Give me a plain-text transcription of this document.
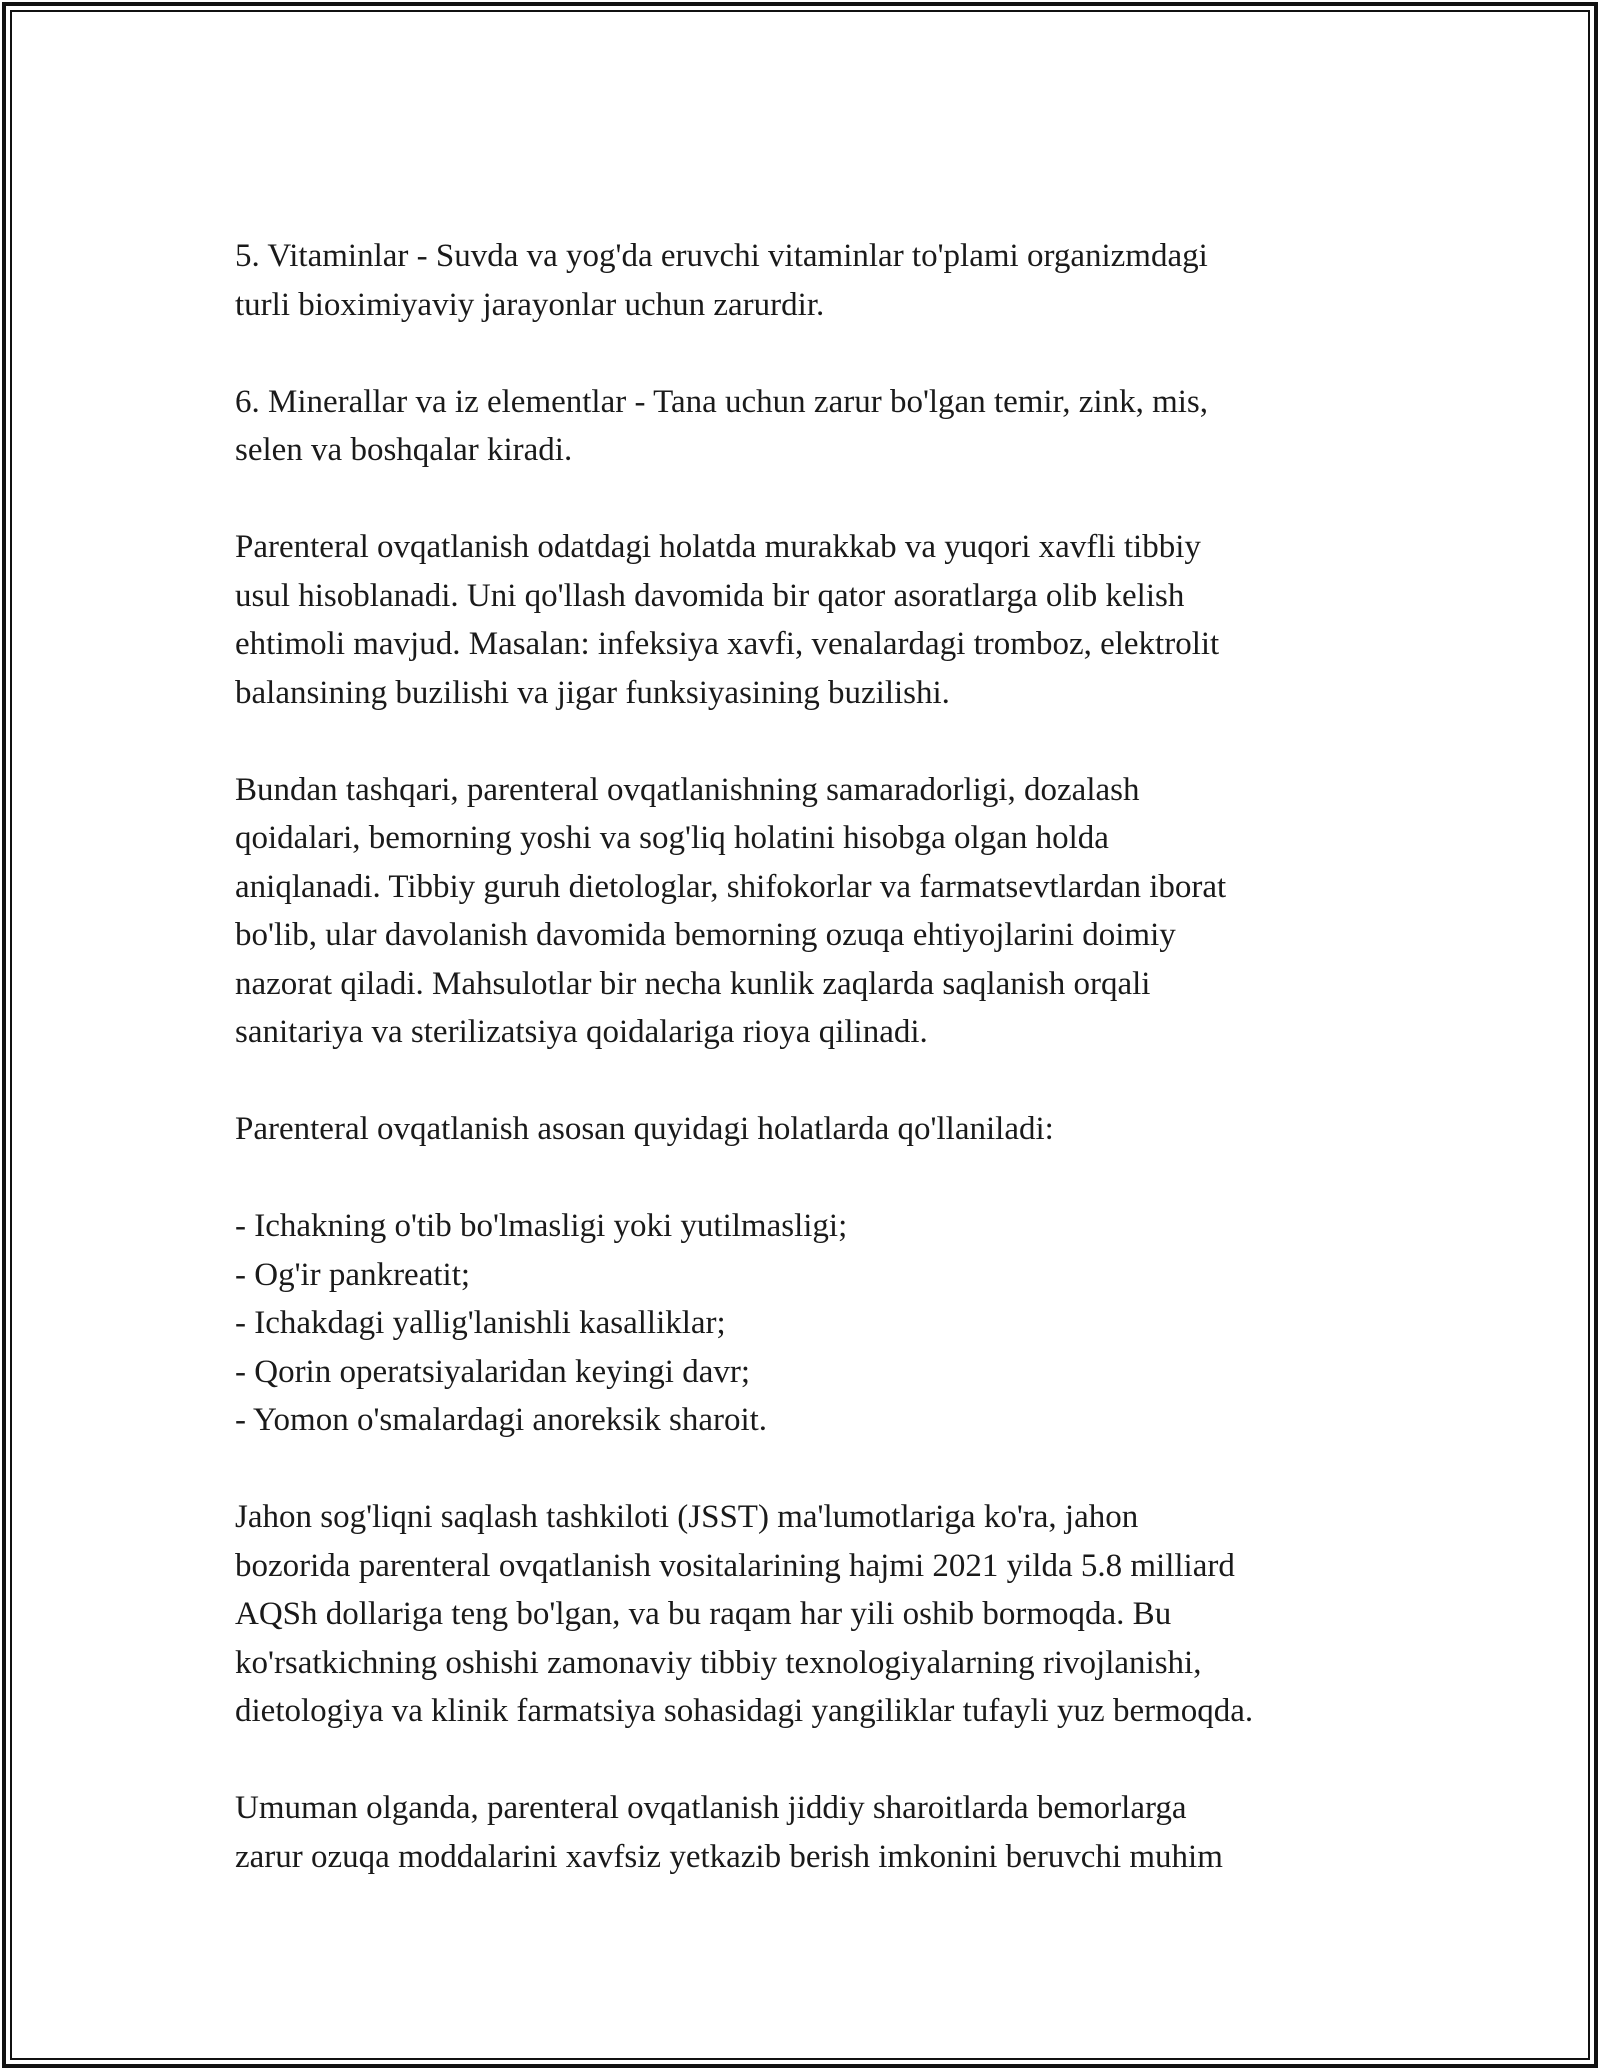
5. Vitaminlar - Suvda va yog'da eruvchi vitaminlar to'plami organizmdagi
turli bioximiyaviy jarayonlar uchun zarurdir.

6. Minerallar va iz elementlar - Tana uchun zarur bo'lgan temir, zink, mis,
selen va boshqalar kiradi.

Parenteral ovqatlanish odatdagi holatda murakkab va yuqori xavfli tibbiy
usul hisoblanadi. Uni qo'llash davomida bir qator asoratlarga olib kelish
ehtimoli mavjud. Masalan: infeksiya xavfi, venalardagi tromboz, elektrolit
balansining buzilishi va jigar funksiyasining buzilishi.

Bundan tashqari, parenteral ovqatlanishning samaradorligi, dozalash
qoidalari, bemorning yoshi va sog'liq holatini hisobga olgan holda
aniqlanadi. Tibbiy guruh dietologlar, shifokorlar va farmatsevtlardan iborat
bo'lib, ular davolanish davomida bemorning ozuqa ehtiyojlarini doimiy
nazorat qiladi. Mahsulotlar bir necha kunlik zaqlarda saqlanish orqali
sanitariya va sterilizatsiya qoidalariga rioya qilinadi.

Parenteral ovqatlanish asosan quyidagi holatlarda qo'llaniladi:

- Ichakning o'tib bo'lmasligi yoki yutilmasligi;
- Og'ir pankreatit;
- Ichakdagi yallig'lanishli kasalliklar;
- Qorin operatsiyalaridan keyingi davr;
- Yomon o'smalardagi anoreksik sharoit.

Jahon sog'liqni saqlash tashkiloti (JSST) ma'lumotlariga ko'ra, jahon
bozorida parenteral ovqatlanish vositalarining hajmi 2021 yilda 5.8 milliard
AQSh dollariga teng bo'lgan, va bu raqam har yili oshib bormoqda. Bu
ko'rsatkichning oshishi zamonaviy tibbiy texnologiyalarning rivojlanishi,
dietologiya va klinik farmatsiya sohasidagi yangiliklar tufayli yuz bermoqda.

Umuman olganda, parenteral ovqatlanish jiddiy sharoitlarda bemorlarga
zarur ozuqa moddalarini xavfsiz yetkazib berish imkonini beruvchi muhim
